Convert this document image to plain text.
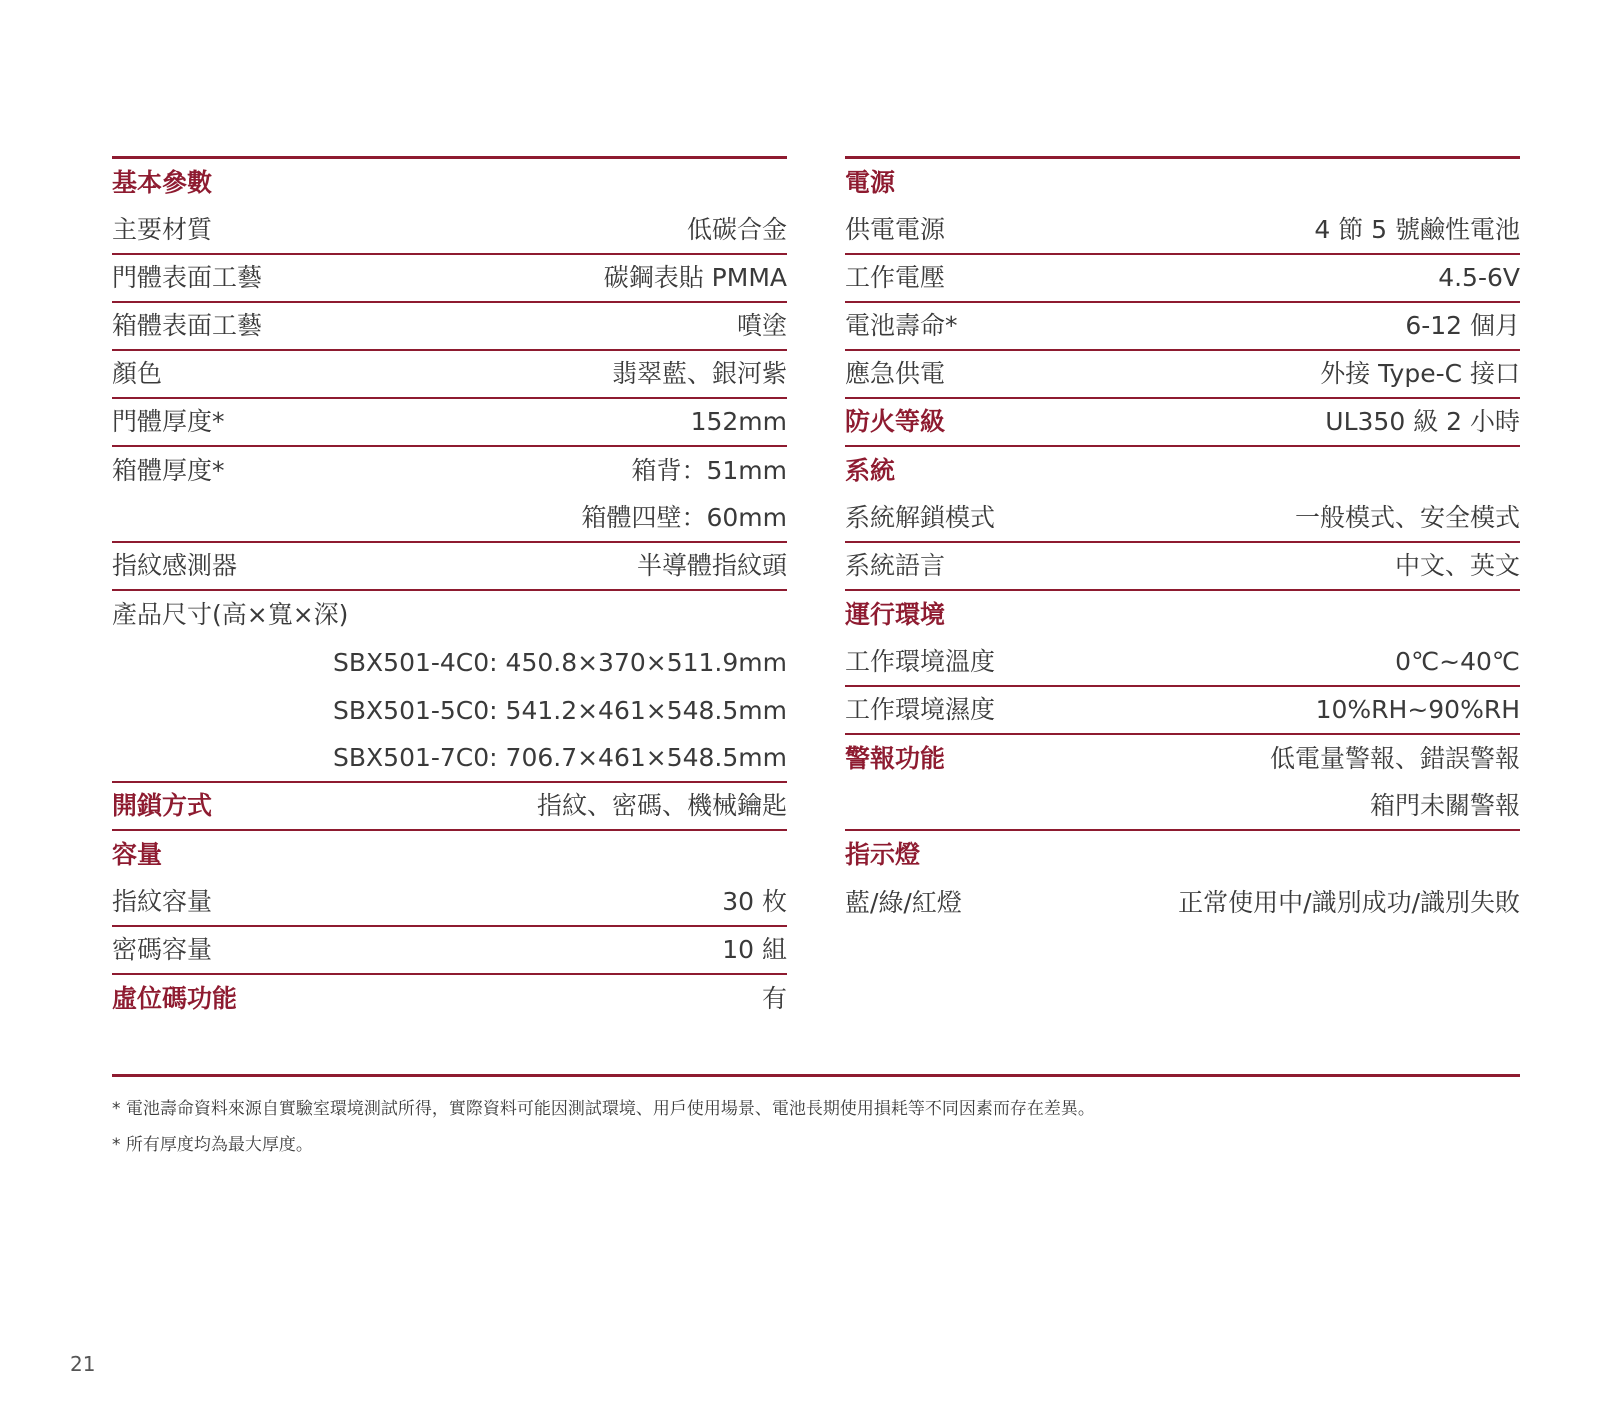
基本參數
主要材質	低碳合金
門體表面工藝	碳鋼表貼 PMMA
箱體表面工藝	噴塗
顏色	翡翠藍、銀河紫
門體厚度*	152mm
箱體厚度*	箱背：51mm
箱體四壁：60mm
指紋感測器	半導體指紋頭
產品尺寸(高×寬×深)
SBX501-4C0: 450.8×370×511.9mm
SBX501-5C0: 541.2×461×548.5mm
SBX501-7C0: 706.7×461×548.5mm
開鎖方式	指紋、密碼、機械鑰匙
容量
指紋容量	30 枚
密碼容量	10 組
虛位碼功能	有
電源
供電電源	4 節 5 號鹼性電池
工作電壓	4.5-6V
電池壽命*	6-12 個月
應急供電	外接 Type-C 接口
防火等級	UL350 級 2 小時
系統
系統解鎖模式	一般模式、安全模式
系統語言	中文、英文
運行環境
工作環境溫度	0℃~40℃
工作環境濕度	10%RH~90%RH
警報功能	低電量警報、錯誤警報
箱門未關警報
指示燈
藍/綠/紅燈	正常使用中/識別成功/識別失敗
* 電池壽命資料來源自實驗室環境測試所得，實際資料可能因測試環境、用戶使用場景、電池長期使用損耗等不同因素而存在差異。
* 所有厚度均為最大厚度。
21
